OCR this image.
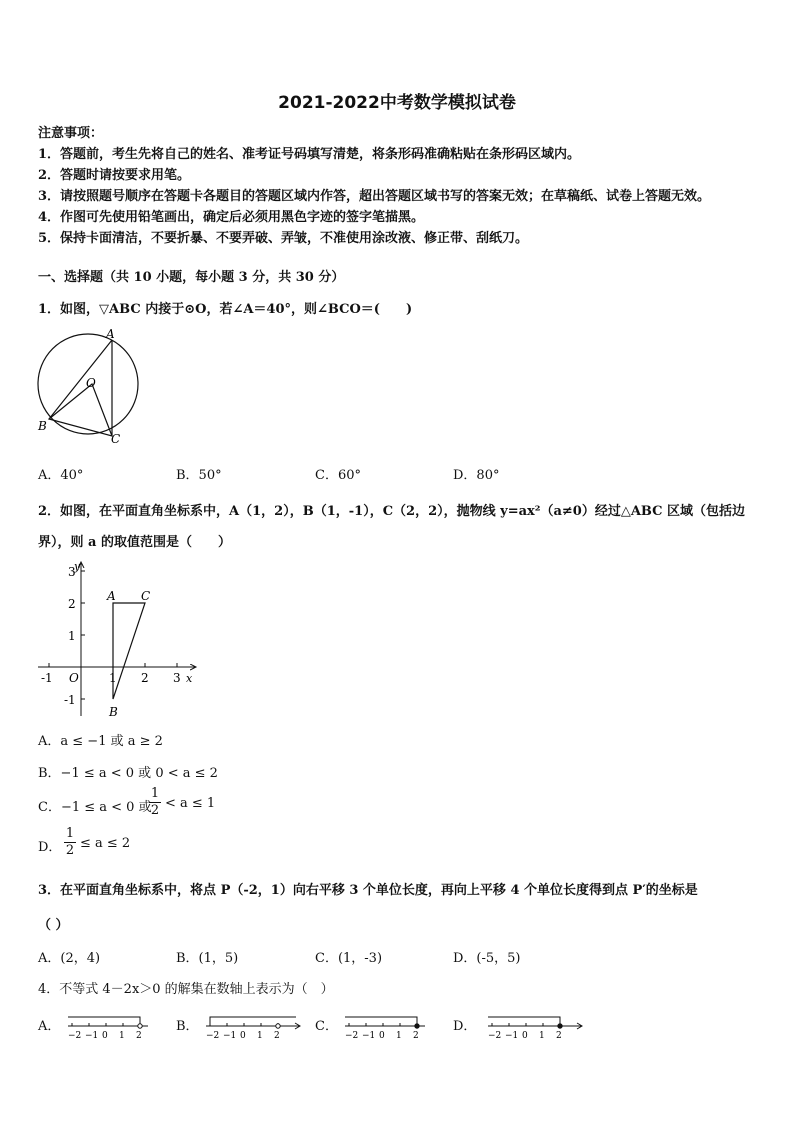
2021-2022中考数学模拟试卷
注意事项：
1．答题前，考生先将自己的姓名、准考证号码填写清楚，将条形码准确粘贴在条形码区域内。
2．答题时请按要求用笔。
3．请按照题号顺序在答题卡各题目的答题区域内作答，超出答题区域书写的答案无效；在草稿纸、试卷上答题无效。
4．作图可先使用铅笔画出，确定后必须用黑色字迹的签字笔描黑。
5．保持卡面清洁，不要折暴、不要弄破、弄皱，不准使用涂改液、修正带、刮纸刀。
一、选择题（共 10 小题，每小题 3 分，共 30 分）
1．如图，▽ABC 内接于⊙O，若∠A＝40°，则∠BCO＝(　　)
A
O
B
C
A．40°	B．50°	C．60°	D．80°
2．如图，在平面直角坐标系中，A（1，2），B（1，-1），C（2，2），抛物线 y=ax²（a≠0）经过△ABC 区域（包括边
界），则 a 的取值范围是（　　）
y
x
O
-1	1 2 3
3
2
1
-1
A C
B
A．a ≤ −1 或 a ≥ 2
B．−1 ≤ a < 0 或 0 < a ≤ 2
C．−1 ≤ a < 0 或
1
2 < a ≤ 1
D．
1
2 ≤ a ≤ 2
3．在平面直角坐标系中，将点 P（-2，1）向右平移 3 个单位长度，再向上平移 4 个单位长度得到点 P′的坐标是
（ ）
A．(2，4)	B．(1，5)	C．(1，-3)	D．(-5，5)
4．不等式 4－2x＞0 的解集在数轴上表示为（　）
A．	B．	C．	D．
−2 −1 0 1 2	−2 −1 0 1 2	−2 −1 0 1 2	−2 −1 0 1 2
